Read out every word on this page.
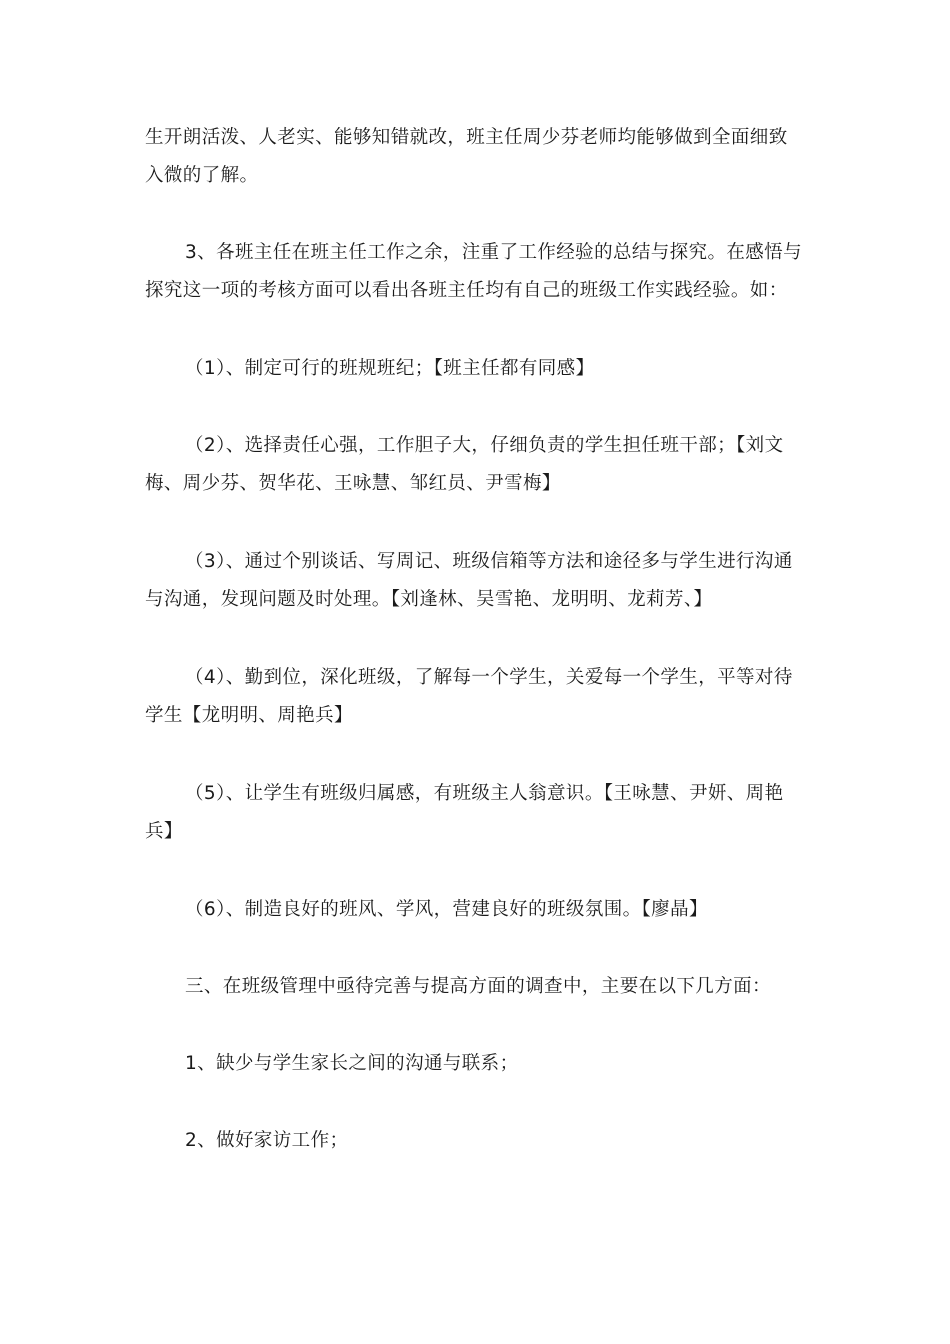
生开朗活泼、人老实、能够知错就改，班主任周少芬老师均能够做到全面细致
入微的了解。

3、各班主任在班主任工作之余，注重了工作经验的总结与探究。在感悟与
探究这一项的考核方面可以看出各班主任均有自己的班级工作实践经验。如：

（1）、制定可行的班规班纪；【班主任都有同感】

（2）、选择责任心强，工作胆子大，仔细负责的学生担任班干部；【刘文
梅、周少芬、贺华花、王咏慧、邹红员、尹雪梅】

（3）、通过个别谈话、写周记、班级信箱等方法和途径多与学生进行沟通
与沟通，发现问题及时处理。【刘逢林、吴雪艳、龙明明、龙莉芳、】

（4）、勤到位，深化班级，了解每一个学生，关爱每一个学生，平等对待
学生【龙明明、周艳兵】

（5）、让学生有班级归属感，有班级主人翁意识。【王咏慧、尹妍、周艳
兵】

（6）、制造良好的班风、学风，营建良好的班级氛围。【廖晶】

三、在班级管理中亟待完善与提高方面的调查中，主要在以下几方面：

1、缺少与学生家长之间的沟通与联系；

2、做好家访工作；
